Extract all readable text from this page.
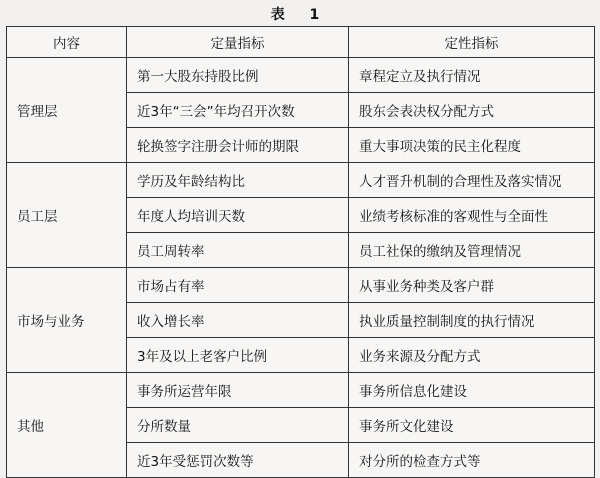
表 1
内容	定量指标	定性指标
管理层	第一大股东持股比例	章程定立及执行情况
	近3年“三会”年均召开次数	股东会表决权分配方式
	轮换签字注册会计师的期限	重大事项决策的民主化程度
员工层	学历及年龄结构比	人才晋升机制的合理性及落实情况
	年度人均培训天数	业绩考核标准的客观性与全面性
	员工周转率	员工社保的缴纳及管理情况
市场与业务	市场占有率	从事业务种类及客户群
	收入增长率	执业质量控制制度的执行情况
	3年及以上老客户比例	业务来源及分配方式
其他	事务所运营年限	事务所信息化建设
	分所数量	事务所文化建设
	近3年受惩罚次数等	对分所的检查方式等
